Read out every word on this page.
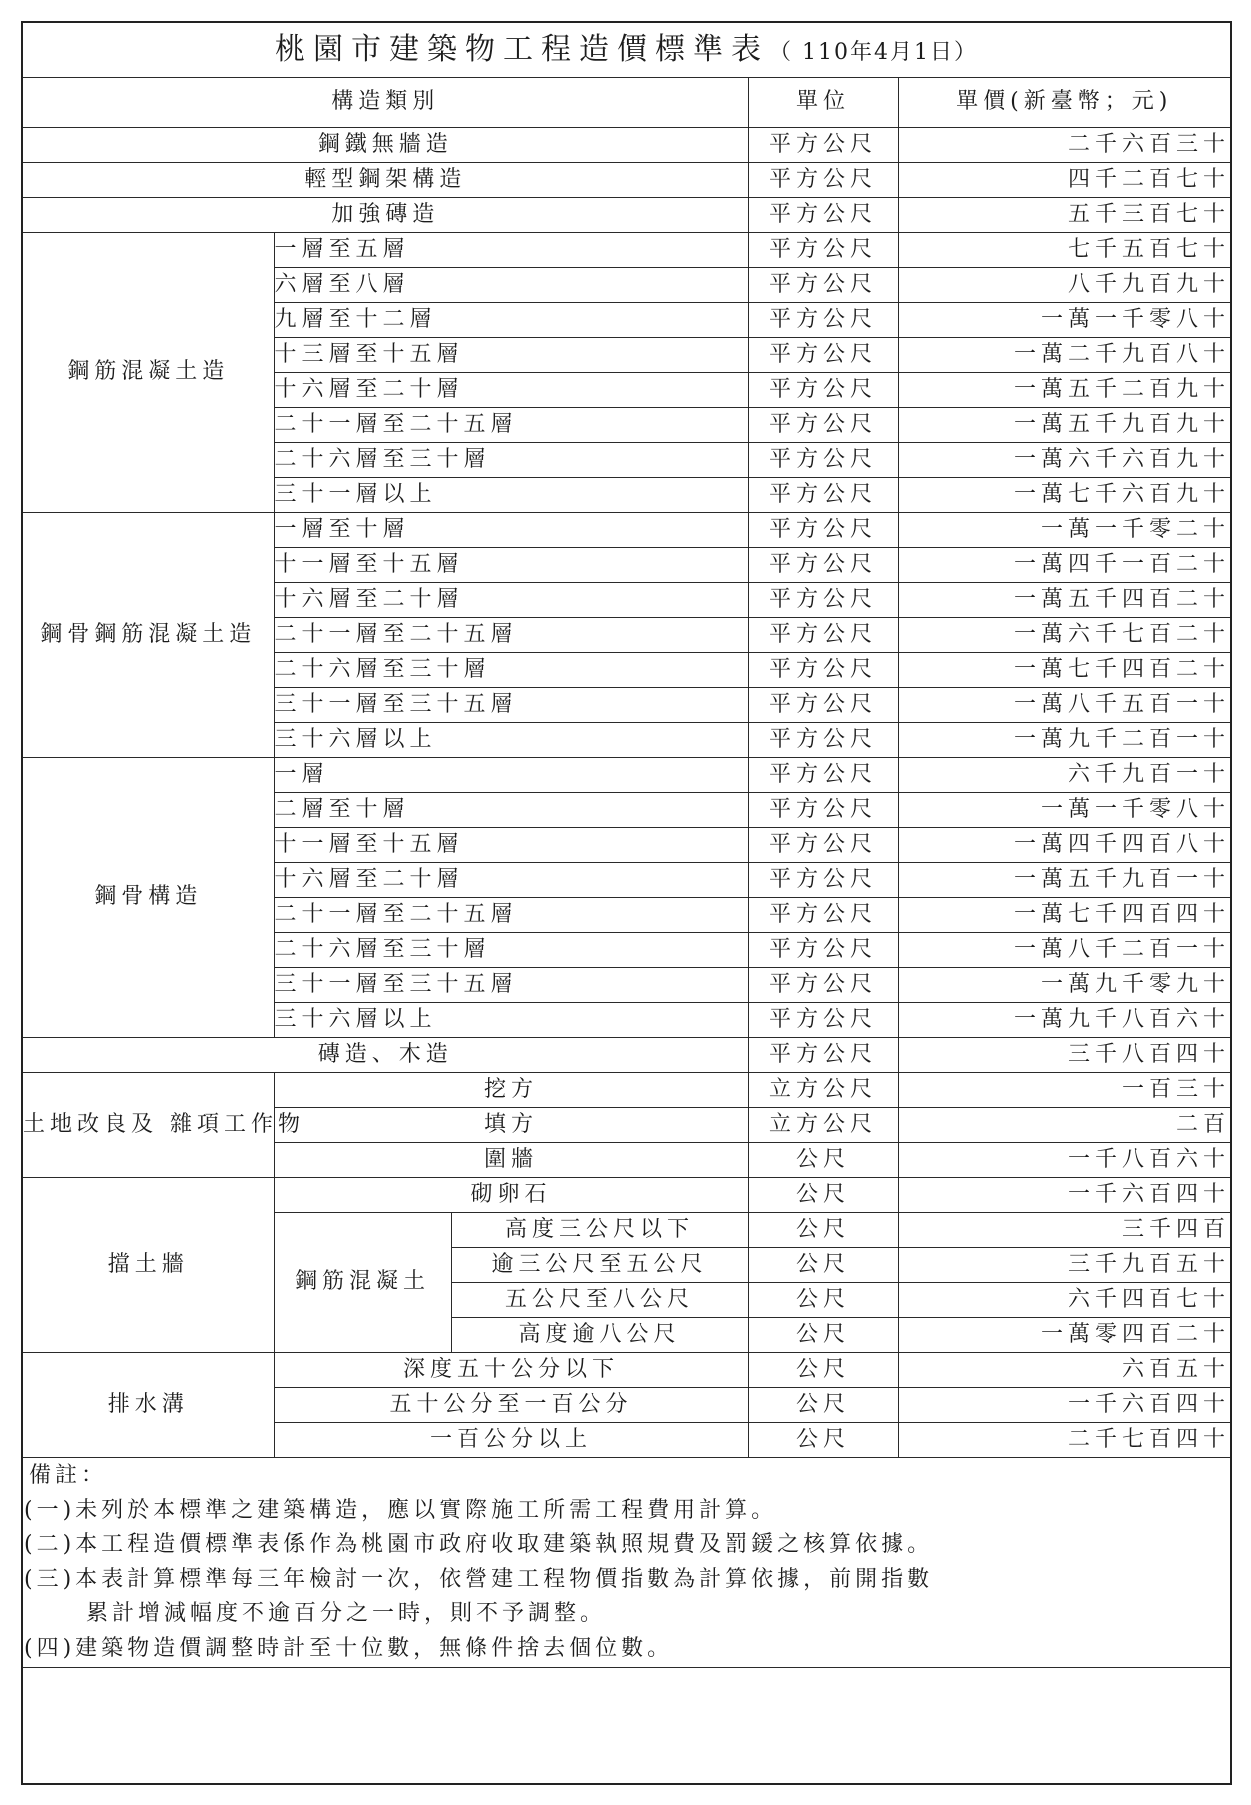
桃園市建築物工程造價標準表（ 110年4月1日）				
構造類別			單位	單價(新臺幣；元)
鋼鐵無牆造			平方公尺	二千六百三十
輕型鋼架構造			平方公尺	四千二百七十
加強磚造			平方公尺	五千三百七十
鋼筋混凝土造	一層至五層		平方公尺	七千五百七十
	六層至八層		平方公尺	八千九百九十
	九層至十二層		平方公尺	一萬一千零八十
	十三層至十五層		平方公尺	一萬二千九百八十
	十六層至二十層		平方公尺	一萬五千二百九十
	二十一層至二十五層		平方公尺	一萬五千九百九十
	二十六層至三十層		平方公尺	一萬六千六百九十
	三十一層以上		平方公尺	一萬七千六百九十
鋼骨鋼筋混凝土造	一層至十層		平方公尺	一萬一千零二十
	十一層至十五層		平方公尺	一萬四千一百二十
	十六層至二十層		平方公尺	一萬五千四百二十
	二十一層至二十五層		平方公尺	一萬六千七百二十
	二十六層至三十層		平方公尺	一萬七千四百二十
	三十一層至三十五層		平方公尺	一萬八千五百一十
	三十六層以上		平方公尺	一萬九千二百一十
鋼骨構造	一層		平方公尺	六千九百一十
	二層至十層		平方公尺	一萬一千零八十
	十一層至十五層		平方公尺	一萬四千四百八十
	十六層至二十層		平方公尺	一萬五千九百一十
	二十一層至二十五層		平方公尺	一萬七千四百四十
	二十六層至三十層		平方公尺	一萬八千二百一十
	三十一層至三十五層		平方公尺	一萬九千零九十
	三十六層以上		平方公尺	一萬九千八百六十
磚造、木造			平方公尺	三千八百四十
土地改良及 雜項工作物	挖方		立方公尺	一百三十
	填方		立方公尺	二百
	圍牆		公尺	一千八百六十
擋土牆	砌卵石		公尺	一千六百四十
	鋼筋混凝土	高度三公尺以下	公尺	三千四百
		逾三公尺至五公尺	公尺	三千九百五十
		五公尺至八公尺	公尺	六千四百七十
		高度逾八公尺	公尺	一萬零四百二十
排水溝	深度五十公分以下		公尺	六百五十
	五十公分至一百公分		公尺	一千六百四十
	一百公分以上		公尺	二千七百四十
備註：
(一)未列於本標準之建築構造，應以實際施工所需工程費用計算。
(二)本工程造價標準表係作為桃園市政府收取建築執照規費及罰鍰之核算依據。
(三)本表計算標準每三年檢討一次，依營建工程物價指數為計算依據，前開指數
累計增減幅度不逾百分之一時，則不予調整。
(四)建築物造價調整時計至十位數，無條件捨去個位數。
